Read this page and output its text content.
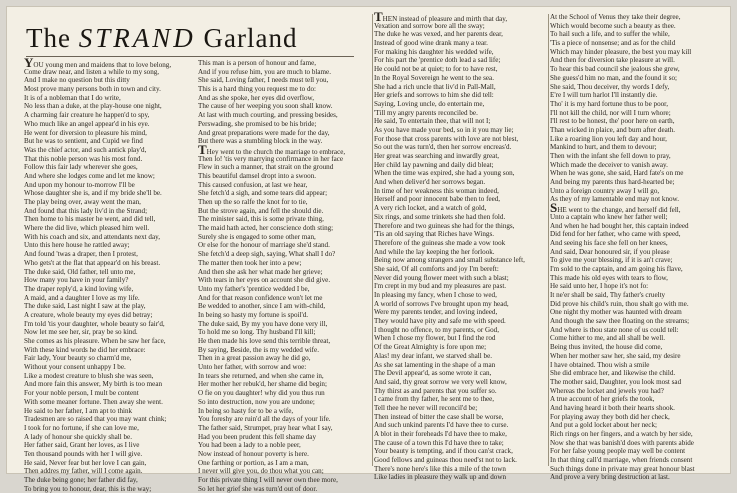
The STRAND Garland
YOU young men and maidens that to love belong,
Come draw near, and listen a while to my song,
And I make no question but this ditty
Most prove many persons both in town and city.
It is of a nobleman that I do write,
No less than a duke, at the play-house one night,
A charming fair creature he happen'd to spy,
Who much like an angel appear'd in his eye.
He went for diversion to pleasure his mind,
But he was to sentient, and Cupid we find
Was the chief actor, and such antick play'd,
That this noble person was his most fond.
Follow this fair lady wherever she goes,
And where she lodges come and let me know;
And upon my honour to-morrow I'll be
Whose daughter she is, and if my bride she'll be.
The play being over, away went the man,
And found that this lady liv'd in the Strand;
Then home to his master he went, and did tell,
Where the did live, which pleased him well.
With his coach and six, and attendants next day,
Unto this here house he rattled away;
And found 'twas a draper, then I protest,
Who gets't at the flat that appear'd on his breast.
The duke said, Old father, tell unto me,
How many you have in your family?
The draper reply'd, a kind loving wife,
A maid, and a daughter I love as my life.
The duke said, Last night I saw at the play,
A creature, whole beauty my eyes did betray;
I'm told 'tis your daughter, whole beauty so fair'd,
Now let me see her, sir, pray be so kind.
She comes as his pleasure. When he saw her face,
With these kind words he did her embrace:
Fair lady, Your beauty so charm'd me,
Without your consent unhappy I be.
Like a modest creature to blush she was seen,
And more fain this answer, My birth is too mean
For your noble person, I mult be content
With some meaner fortune. Then away she went.
He said to her father, I am apt to think
Tradesmen are so raised that you may want chink;
I took for no fortune, if she can love me,
A lady of honour she quickly shall be.
Her father said, Grant her loves, as I live
Ten thousand pounds with her I will give.
He said, Never fear but her love I can gain,
Then addres my father, will I come again.
The duke being gone; her father did fay,
To bring you to honour, dear, this is the way;
This man is a person of honour and fame,
And if you refuse him, you are much to blame.
She said, Loving father, I needs must tell you,
This is a hard thing you request me to do:
And as she spoke, her eyes did overflow,
The cause of her weeping you soon shall know.
At last with much courting, and pressing besides,
Perswading, she promised to be his bride;
And great preparations were made for the day,
But there was a stumbling block in the way.
THey went to the church the marriage to embrace,
Then lo! 'tis very marrying confirmance in her face
Flew in such a manner, that strait on the ground
This beautiful damsel dropt into a swoon.
This caused confusion, at last we hear,
She fetch'd a sigh, and some tears did appear;
Then up the so ralfe the knot for to tie,
But the strove again, and fell the should die.
The minister said, this is some private thing,
The maid hath acted, her conscience doth sting;
Surely she is engaged to some other man,
Or else for the honour of marriage she'd stand.
She fetch'd a deep sigh, saying, What shall I do?
The matter then took her into a pew;
And then she ask her what made her grieve;
With tears in her eyes on account she did give.
Unto my father's 'prentice wedded I be,
And for that reason confidence won't let me
Be wedded to another, since I am with-child,
In being so hasty my fortune is spoil'd.
The duke said, By my you have done very ill,
To hold me so long. Thy husband I'll kill;
He then made his love send this terrible threat,
By saying, Beside, the is my wedded wife.
Then in a great passion away he did go,
Unto her father, with sorrow and woe:
In tears she returned, and when she came in,
Her mother her rebuk'd, her shame did begin;
O fie on you daughter! why did you thus run
So into destruction, now you are undone;
In being so hasty for to be a wife,
You foreshy are ruin'd all the days of your life.
The father said, Strumpet, pray hear what I say,
Had you been prudent this fell shame day
You had been a lady to a noble peer,
Now instead of honour poverty is here.
One farthing or portion, as I am a man,
I never will give you, do thou what you can;
For this private thing I will never own thee more,
So let her grief she was turn'd out of door.
THEN instead of pleasure and mirth that day,
Vexation and sorrow bore all the sway;
The duke he was vexed, and her parents dear,
Instead of good wine drank many a tear.
For making his daughter his wedded wife,
For his part the 'prentice doth lead a sad life;
He could not be at quiet; to for to have rest,
In the Royal Sovereign he went to the sea.
She had a rich uncle that liv'd in Pall-Mall,
Her griefs and sorrows to him she did tell:
Saying, Loving uncle, do entertain me,
'Till my angry parents reconciled be.
He said, To entertain thee, that will not I;
As you have made your bed, so in it you may lie;
For those that cross parents with love are not blest,
So out the was turn'd, then her sorrow encreas'd.
Her great was searching and inwardly great,
Her child lay pawning and daily did bleat;
When the time was expired, she had a young son,
And when deliver'd her sorrows began.
In time of her weakness this woman indeed,
Herself and poor innocent babe then to feed,
A very rich locket, and a watch of gold,
Six rings, and some trinkets she had then fold.
Therefore and two guineas she had for the things,
'Tis an old saying that Riches have Wings.
Therefore of the guineas she made a vow took
And while the lay keeping the her forlook.
Being now among strangers and small substance left,
She said, Of all comforts and joy I'm bereft:
Never did young flower meet with such a blast;
I'm crept in my bud and my pleasures are past.
In pleasing my fancy, when I chose to wed,
A world of sorrows I've brought upon my head,
Were my parents tender, and loving indeed,
They would have pity and safe me with speed.
I thought no offence, to my parents, or God,
When I chose my flower, but I find the rod
Of the Great Almighty is fore upon me;
Alas! my dear infant, we starved shall be.
As she sat lamenting in the shape of a man
The Devil appear'd, as some wrote it can,
And said, thy great sorrow we very well know,
Thy thirst as and parents that you suffer so.
I came from thy father, he sent me to thee,
Tell thee he never will reconcil'd be;
Then instead of bitter the case shall be worse,
And such unkind parents I'd have thee to curse.
A blot in their foreheads I'd have thee to make,
The cause of a town this I'd have thee to take;
Your beauty is tempting, and if thou can'st crack,
Good fellows and guineas thou need'st not to lack.
There's none here's like this a mile of the town
Like ladies in pleasure they walk up and down
At the School of Venus they take their degree,
Which would become such a beauty as thee.
To hail such a life, and to suffer the while,
'Tis a piece of nonsense; and as for the child
Which may hinder pleasure, the best you may kill
And then for diversion take pleasure at will.
To hear this bad council she jealous she grew,
She guess'd him no man, and the found it so;
She said, Thou deceiver, thy words I defy,
E're I will turn harlot I'll instantly die.
Tho' it is my hard fortune thus to be poor,
I'll not kill the child, nor will I turn whore;
I'll rest to be honest, the' poor here on earth,
Than wicked in plaice, and burn after death.
Like a roaring lion you left day and hour,
Mankind to hurt, and them to devour;
Then with the infant she fell down to pray,
Which made the deceiver to vanish away.
When he was gone, she said, Hard fate's on me
And being my parents thus hard-hearted be;
Unto a foreign country away I will go,
As they of my lamentable end may not know.
SHE went to the change, and herself did fell,
Unto a captain who knew her father well;
And when he had bought her, this captain indeed
Did fend for her father, who came with speed,
And seeing his face she fell on her knees,
And said, Dear honoured sir, if you please
To give me your blessing, if it is an't crave;
I'm sold to the captain, and am going his flave,
This made his old eyes with tears to flow,
He said unto her, I hope it's not fo:
It ne'er shall be said, Thy father's cruelty
Did prove his child's ruin, thou shalt go with me.
One night thy mother was haunted with dream
And though the saw thee floating on the streams;
And where is thou state none of us could tell:
Come hither to me, and all shall be well.
Being thus invited, the house did come,
When her mother saw her, she said, my desire
I have obtained. Thou wish a smile
She did embrace her, and likewise the child.
The mother said, Daughter, you look most sad
Whereas the locket and jewels you had?
A true account of her griefs the took,
And having heard it both their hearts shook.
For playing away they both did her check,
And put a gold locket about her neck;
Rich rings on her fingers, and a watch by her side,
Now she that was banish'd does with parents abide
For her false young people may well be content
In that thing call'd marriage, when friends consent
Such things done in private may great honour blast
And prove a very bring destruction at last.
